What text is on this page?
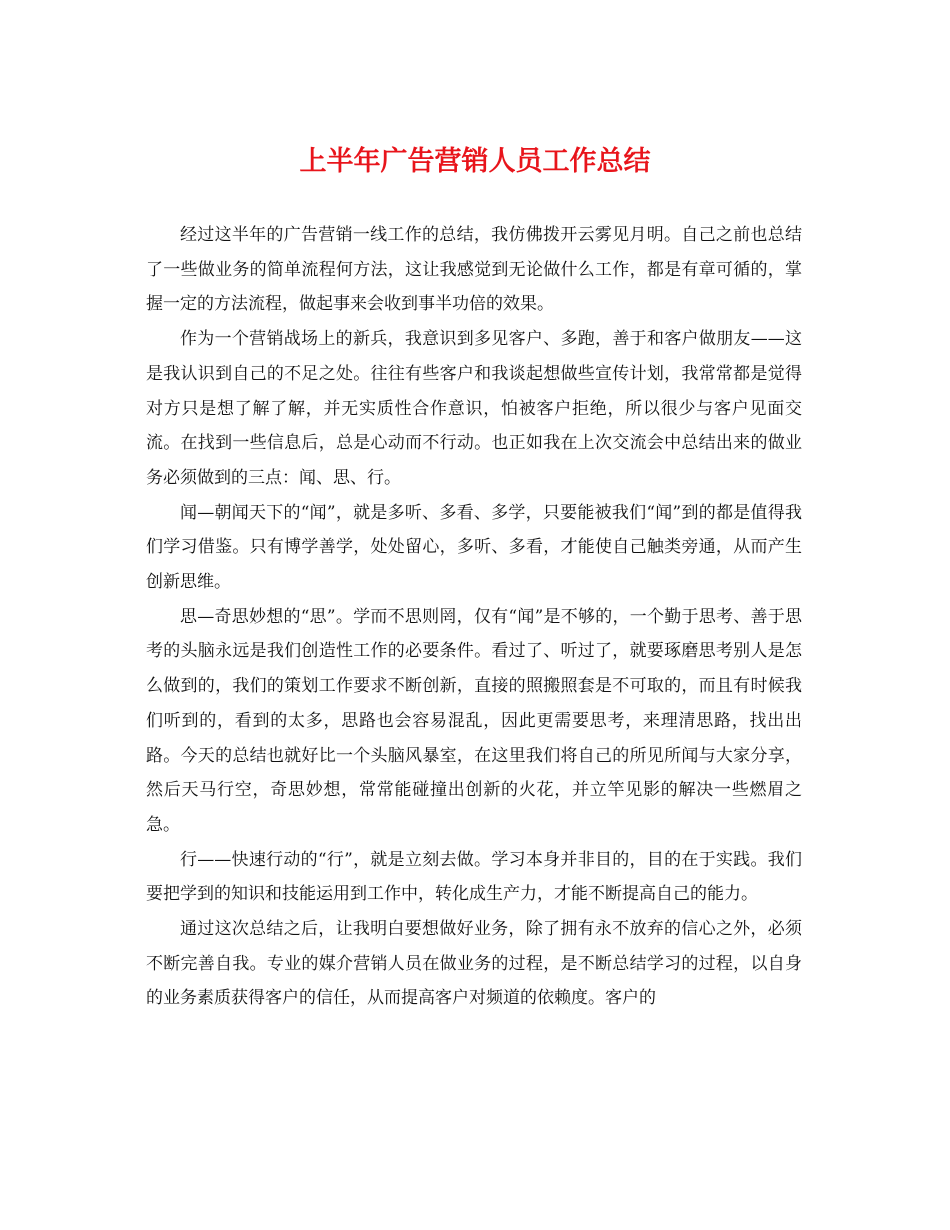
上半年广告营销人员工作总结

经过这半年的广告营销一线工作的总结，我仿佛拨开云雾见月明。自己之前也总结了一些做业务的简单流程何方法，这让我感觉到无论做什么工作，都是有章可循的，掌握一定的方法流程，做起事来会收到事半功倍的效果。

作为一个营销战场上的新兵，我意识到多见客户、多跑，善于和客户做朋友——这是我认识到自己的不足之处。往往有些客户和我谈起想做些宣传计划，我常常都是觉得对方只是想了解了解，并无实质性合作意识，怕被客户拒绝，所以很少与客户见面交流。在找到一些信息后，总是心动而不行动。也正如我在上次交流会中总结出来的做业务必须做到的三点：闻、思、行。

闻—朝闻天下的“闻”，就是多听、多看、多学，只要能被我们“闻”到的都是值得我们学习借鉴。只有博学善学，处处留心，多听、多看，才能使自己触类旁通，从而产生创新思维。

思—奇思妙想的“思”。学而不思则罔，仅有“闻”是不够的，一个勤于思考、善于思考的头脑永远是我们创造性工作的必要条件。看过了、听过了，就要琢磨思考别人是怎么做到的，我们的策划工作要求不断创新，直接的照搬照套是不可取的，而且有时候我们听到的，看到的太多，思路也会容易混乱，因此更需要思考，来理清思路，找出出路。今天的总结也就好比一个头脑风暴室，在这里我们将自己的所见所闻与大家分享，然后天马行空，奇思妙想，常常能碰撞出创新的火花，并立竿见影的解决一些燃眉之急。

行——快速行动的“行”，就是立刻去做。学习本身并非目的，目的在于实践。我们要把学到的知识和技能运用到工作中，转化成生产力，才能不断提高自己的能力。

通过这次总结之后，让我明白要想做好业务，除了拥有永不放弃的信心之外，必须不断完善自我。专业的媒介营销人员在做业务的过程，是不断总结学习的过程，以自身的业务素质获得客户的信任，从而提高客户对频道的依赖度。客户的
